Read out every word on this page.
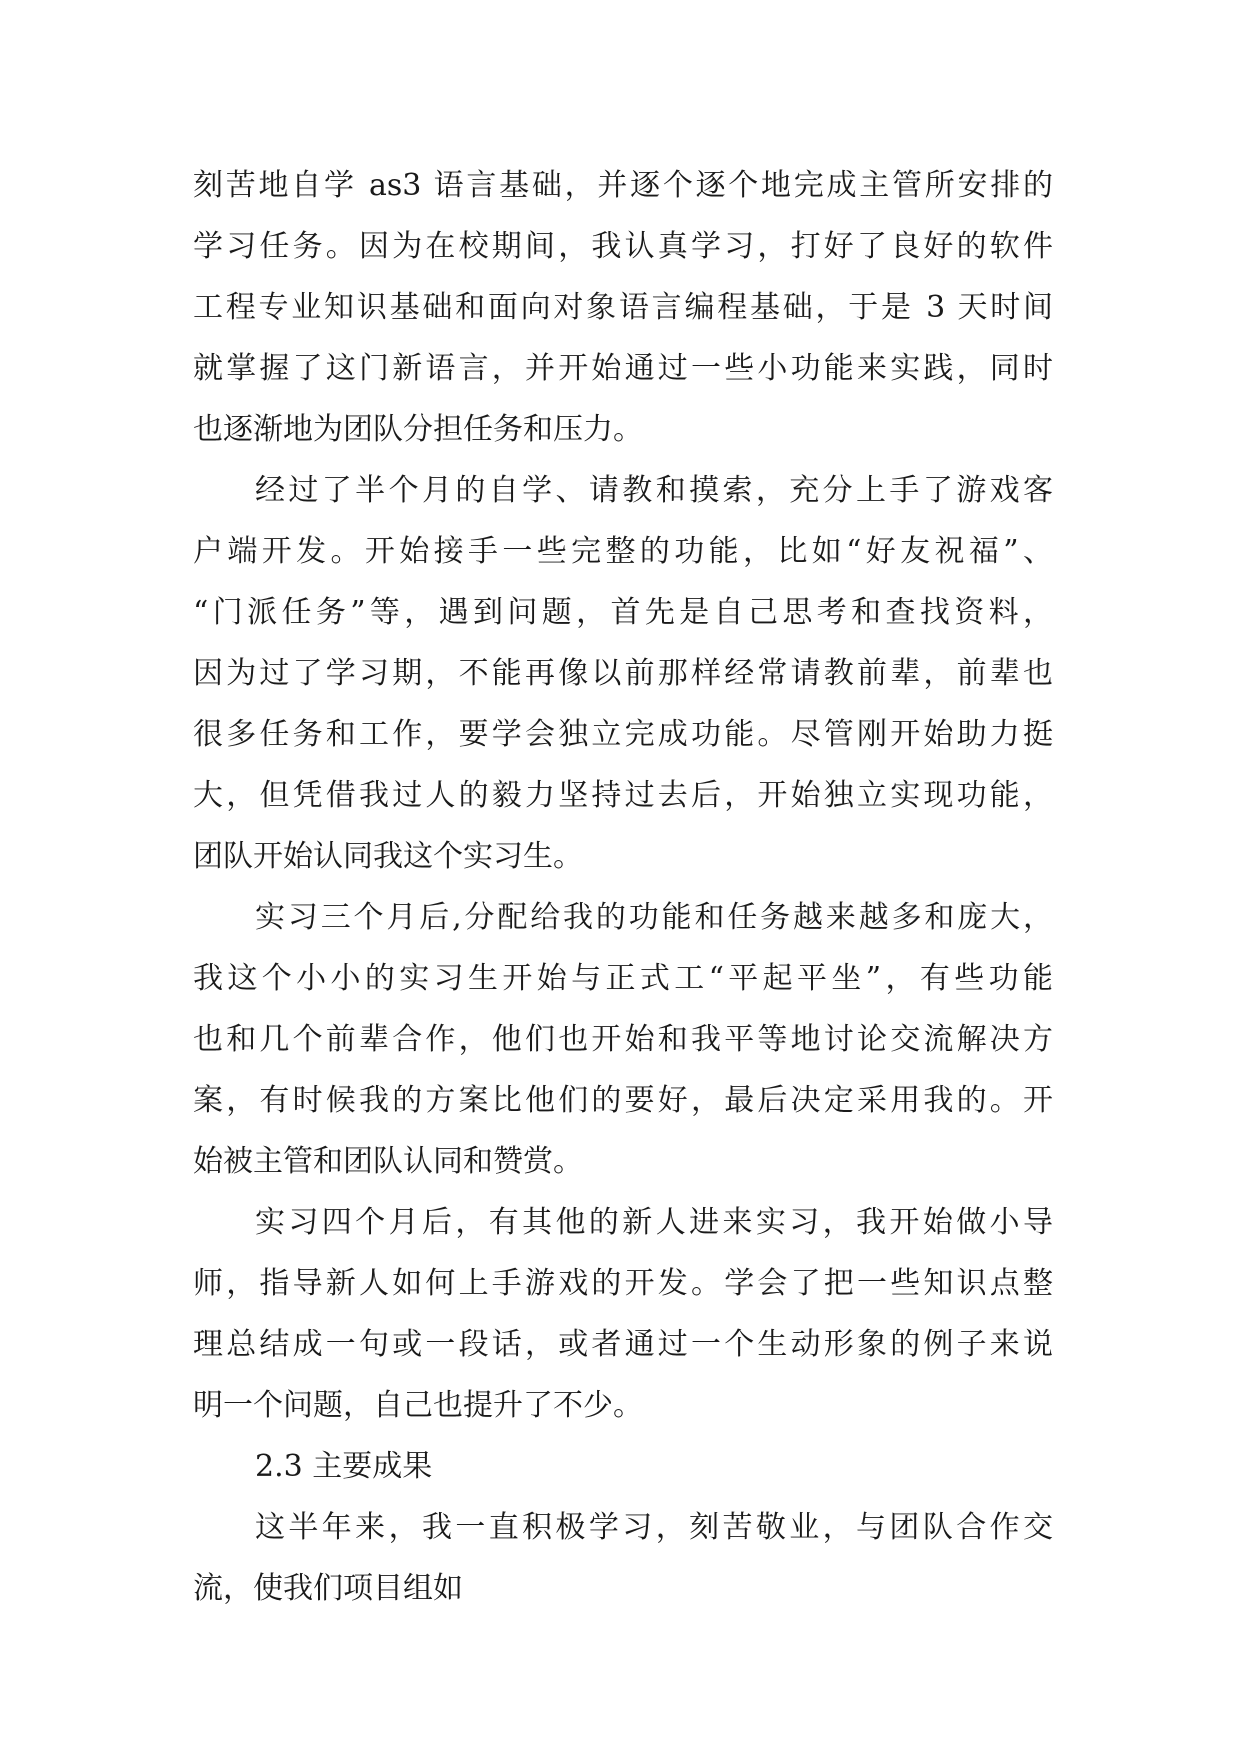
刻苦地自学 as3 语言基础，并逐个逐个地完成主管所安排的
学习任务。因为在校期间，我认真学习，打好了良好的软件
工程专业知识基础和面向对象语言编程基础，于是 3 天时间
就掌握了这门新语言，并开始通过一些小功能来实践，同时
也逐渐地为团队分担任务和压力。
经过了半个月的自学、请教和摸索，充分上手了游戏客
户端开发。开始接手一些完整的功能，比如“好友祝福”、
“门派任务”等，遇到问题，首先是自己思考和查找资料，
因为过了学习期，不能再像以前那样经常请教前辈，前辈也
很多任务和工作，要学会独立完成功能。尽管刚开始助力挺
大，但凭借我过人的毅力坚持过去后，开始独立实现功能，
团队开始认同我这个实习生。
实习三个月后,分配给我的功能和任务越来越多和庞大，
我这个小小的实习生开始与正式工“平起平坐”，有些功能
也和几个前辈合作，他们也开始和我平等地讨论交流解决方
案，有时候我的方案比他们的要好，最后决定采用我的。开
始被主管和团队认同和赞赏。
实习四个月后，有其他的新人进来实习，我开始做小导
师，指导新人如何上手游戏的开发。学会了把一些知识点整
理总结成一句或一段话，或者通过一个生动形象的例子来说
明一个问题，自己也提升了不少。
2.3 主要成果
这半年来，我一直积极学习，刻苦敬业，与团队合作交
流，使我们项目组如
